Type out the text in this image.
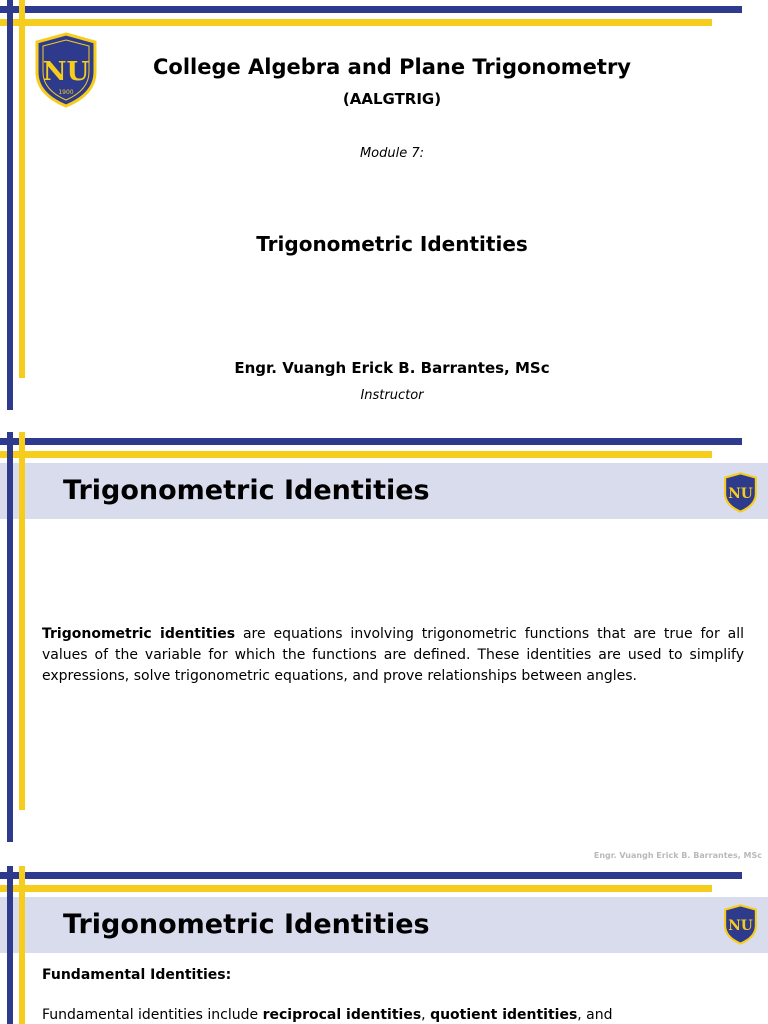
NU
1900
College Algebra and Plane Trigonometry
(AALGTRIG)
Module 7:
Trigonometric Identities
Engr. Vuangh Erick B. Barrantes, MSc
Instructor
Trigonometric Identities	NU
Trigonometric identities are equations involving trigonometric functions that are true for all values of the variable for which the functions are defined. These identities are used to simplify expressions, solve trigonometric equations, and prove relationships between angles.
Engr. Vuangh Erick B. Barrantes, MSc
Trigonometric Identities	NU
Fundamental Identities:
Fundamental identities include reciprocal identities, quotient identities, and
